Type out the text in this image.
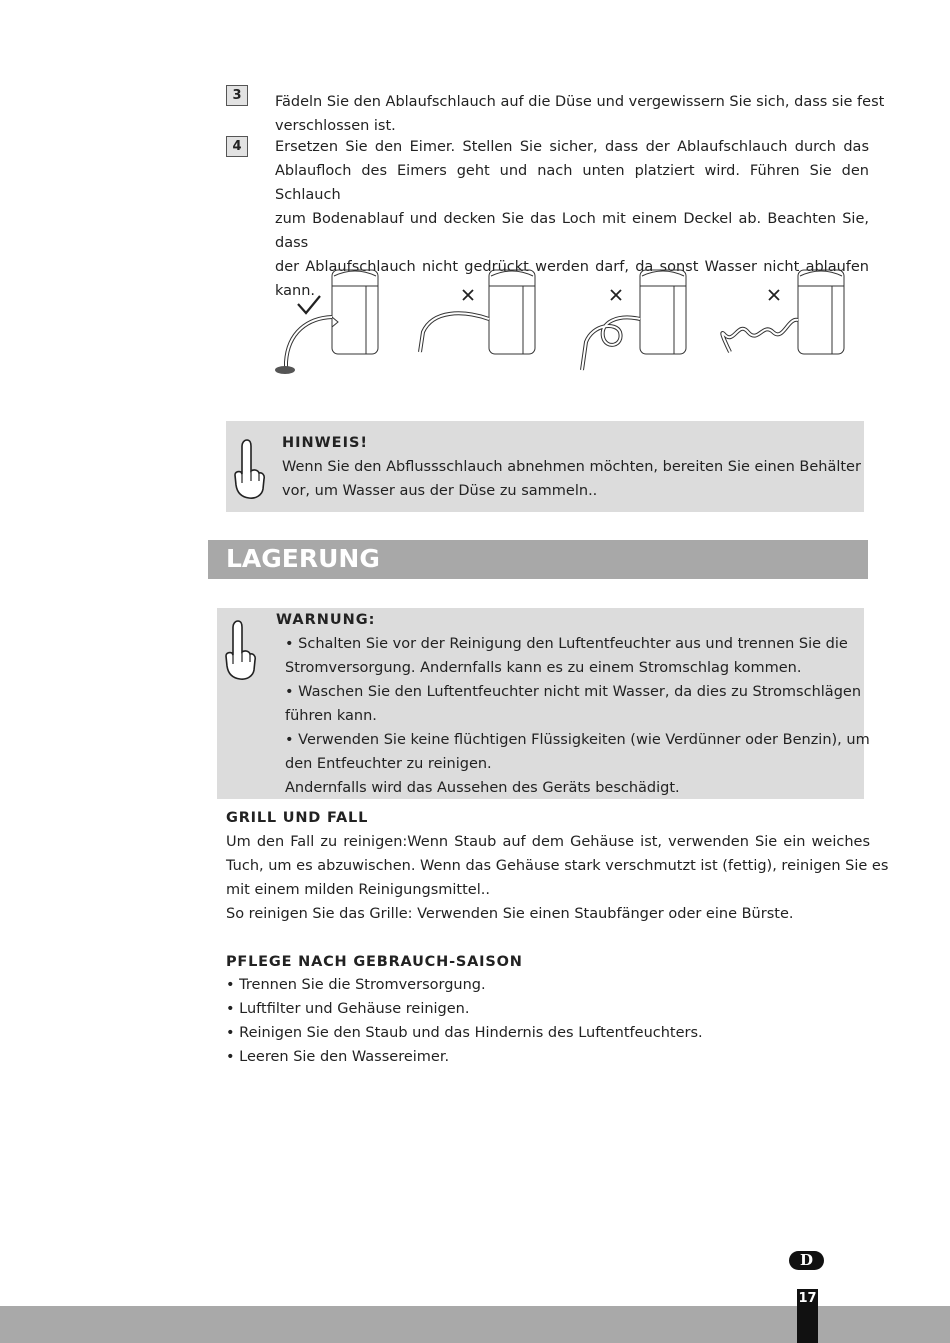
3	Fädeln Sie den Ablaufschlauch auf die Düse und vergewissern Sie sich, dass sie fest
verschlossen ist.
4	Ersetzen Sie den Eimer. Stellen Sie sicher, dass der Ablaufschlauch durch das
Ablaufloch des Eimers geht und nach unten platziert wird. Führen Sie den Schlauch
zum Bodenablauf und decken Sie das Loch mit einem Deckel ab. Beachten Sie, dass
der Ablaufschlauch nicht gedrückt werden darf, da sonst Wasser nicht ablaufen
kann.
HINWEIS!
Wenn Sie den Abflussschlauch abnehmen möchten, bereiten Sie einen Behälter
vor, um Wasser aus der Düse zu sammeln..
LAGERUNG
WARNUNG:
• Schalten Sie vor der Reinigung den Luftentfeuchter aus und trennen Sie die
Stromversorgung. Andernfalls kann es zu einem Stromschlag kommen.
• Waschen Sie den Luftentfeuchter nicht mit Wasser, da dies zu Stromschlägen
führen kann.
• Verwenden Sie keine flüchtigen Flüssigkeiten (wie Verdünner oder Benzin), um
den Entfeuchter zu reinigen.
Andernfalls wird das Aussehen des Geräts beschädigt.
GRILL UND FALL
Um den Fall zu reinigen:Wenn Staub auf dem Gehäuse ist, verwenden Sie ein weiches
Tuch, um es abzuwischen. Wenn das Gehäuse stark verschmutzt ist (fettig), reinigen Sie es
mit einem milden Reinigungsmittel..
So reinigen Sie das Grille: Verwenden Sie einen Staubfänger oder eine Bürste.
PFLEGE NACH GEBRAUCH-SAISON
• Trennen Sie die Stromversorgung.
• Luftfilter und Gehäuse reinigen.
• Reinigen Sie den Staub und das Hindernis des Luftentfeuchters.
• Leeren Sie den Wassereimer.
D
17
